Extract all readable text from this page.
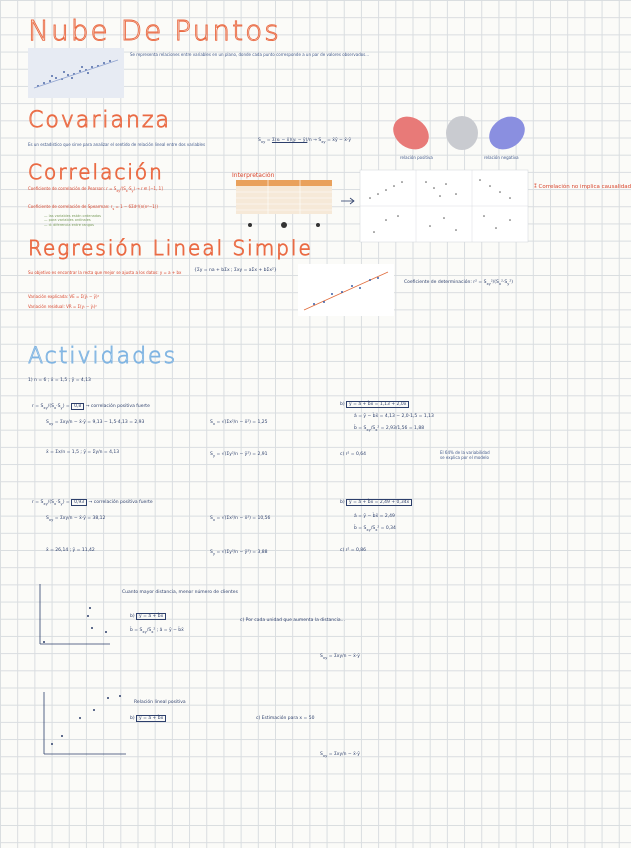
Nube De Puntos
Se representa relaciones entre variables en un plano, donde cada punto corresponde a un par de valores observados...
Covarianza
Es un estadístico que sirve para analizar el sentido de relación lineal entre dos variables
$S_{xy}$ = Σ(xᵢ − x̄)(yᵢ − ȳ)/n → $S_{xy}$ = x̄ȳ − x̄·ȳ
relación positiva	relación negativa
Correlación
Coeficiente de correlación de Pearson: $r = S_{xy}/(S_x\cdot S_y) \to r$ ∈ [−1, 1]
Coeficiente de correlación de Spearman: $r_s = 1 - 6\Sigma d^2/(n(n^2-1))$
— las variables están ordenadas
— para variables ordinales
— d: diferencia entre rangos
Interpretación
⁑ Correlación no implica causalidad
Regresión Lineal Simple
Su objetivo es encontrar la recta que mejor se ajusta a los datos: y = a + bx	{Σy = na + bΣx ; Σxy = aΣx + bΣx²}
Coeficiente de determinación: $r^2 = S_{xy}^2/(S_x^2\cdot S_y^2)$
Variación explicada: VE = Σ(ŷᵢ − ȳ)²
Variación residual: VR = Σ(yᵢ − ŷᵢ)²
Actividades
1) n = 6 ; x̄ = 1,5 ; ȳ = 4,13
$r = S_{xy}/(S_x\cdot S_y) = 0,8$ → correlación positiva fuerte
$S_{xy} = \Sigma xy/n$ − x̄·ȳ = 9,13 − 1,5·4,13 = 2,93	$S_x = √(\Sigma x^2/n$ − x̄²) = 1,25
x̄ = Σx/n = 1,5 ; ȳ = Σy/n = 4,13	$S_y = √(\Sigma y^2/n$ − ȳ²) = 2,91
b) ŷ = â + b̂x = 1,13 + 2,0x
â = ȳ − b̂x̄ = 4,13 − 2,0·1,5 = 1,13
b̂ = $S_{xy}/S_x^2 = 2,93/1,56 = 1,88$
c) r² = 0,64	El 64% de la variabilidad
se explica por el modelo
$r = S_{xy}/(S_x\cdot S_y) = 0,93$ → correlación positiva fuerte
$S_{xy} = \Sigma xy/n$ − x̄·ȳ = 38,12	$S_x = √(\Sigma x^2/n$ − x̄²) = 10,56
x̄ = 26,14 ; ȳ = 11,42	$S_y = √(\Sigma y^2/n$ − ȳ²) = 3,88
b) ŷ = â + b̂x = 2,49 + 0,34x
â = ȳ − b̂x̄ = 2,49
b̂ = $S_{xy}/S_x^2 = 0,34$
c) r² = 0,86
Cuanto mayor distancia, menor número de clientes
b) ŷ = â + b̂x
b̂ = $S_{xy}/S_x^2$ ; â = ȳ − b̂x̄
c) Por cada unidad que aumenta la distancia...
$S_{xy} = \Sigma xy/n$ − x̄·ȳ
Relación lineal positiva
b) ŷ = â + b̂x	c) Estimación para x = 50
$S_{xy} = \Sigma xy/n$ − x̄·ȳ
